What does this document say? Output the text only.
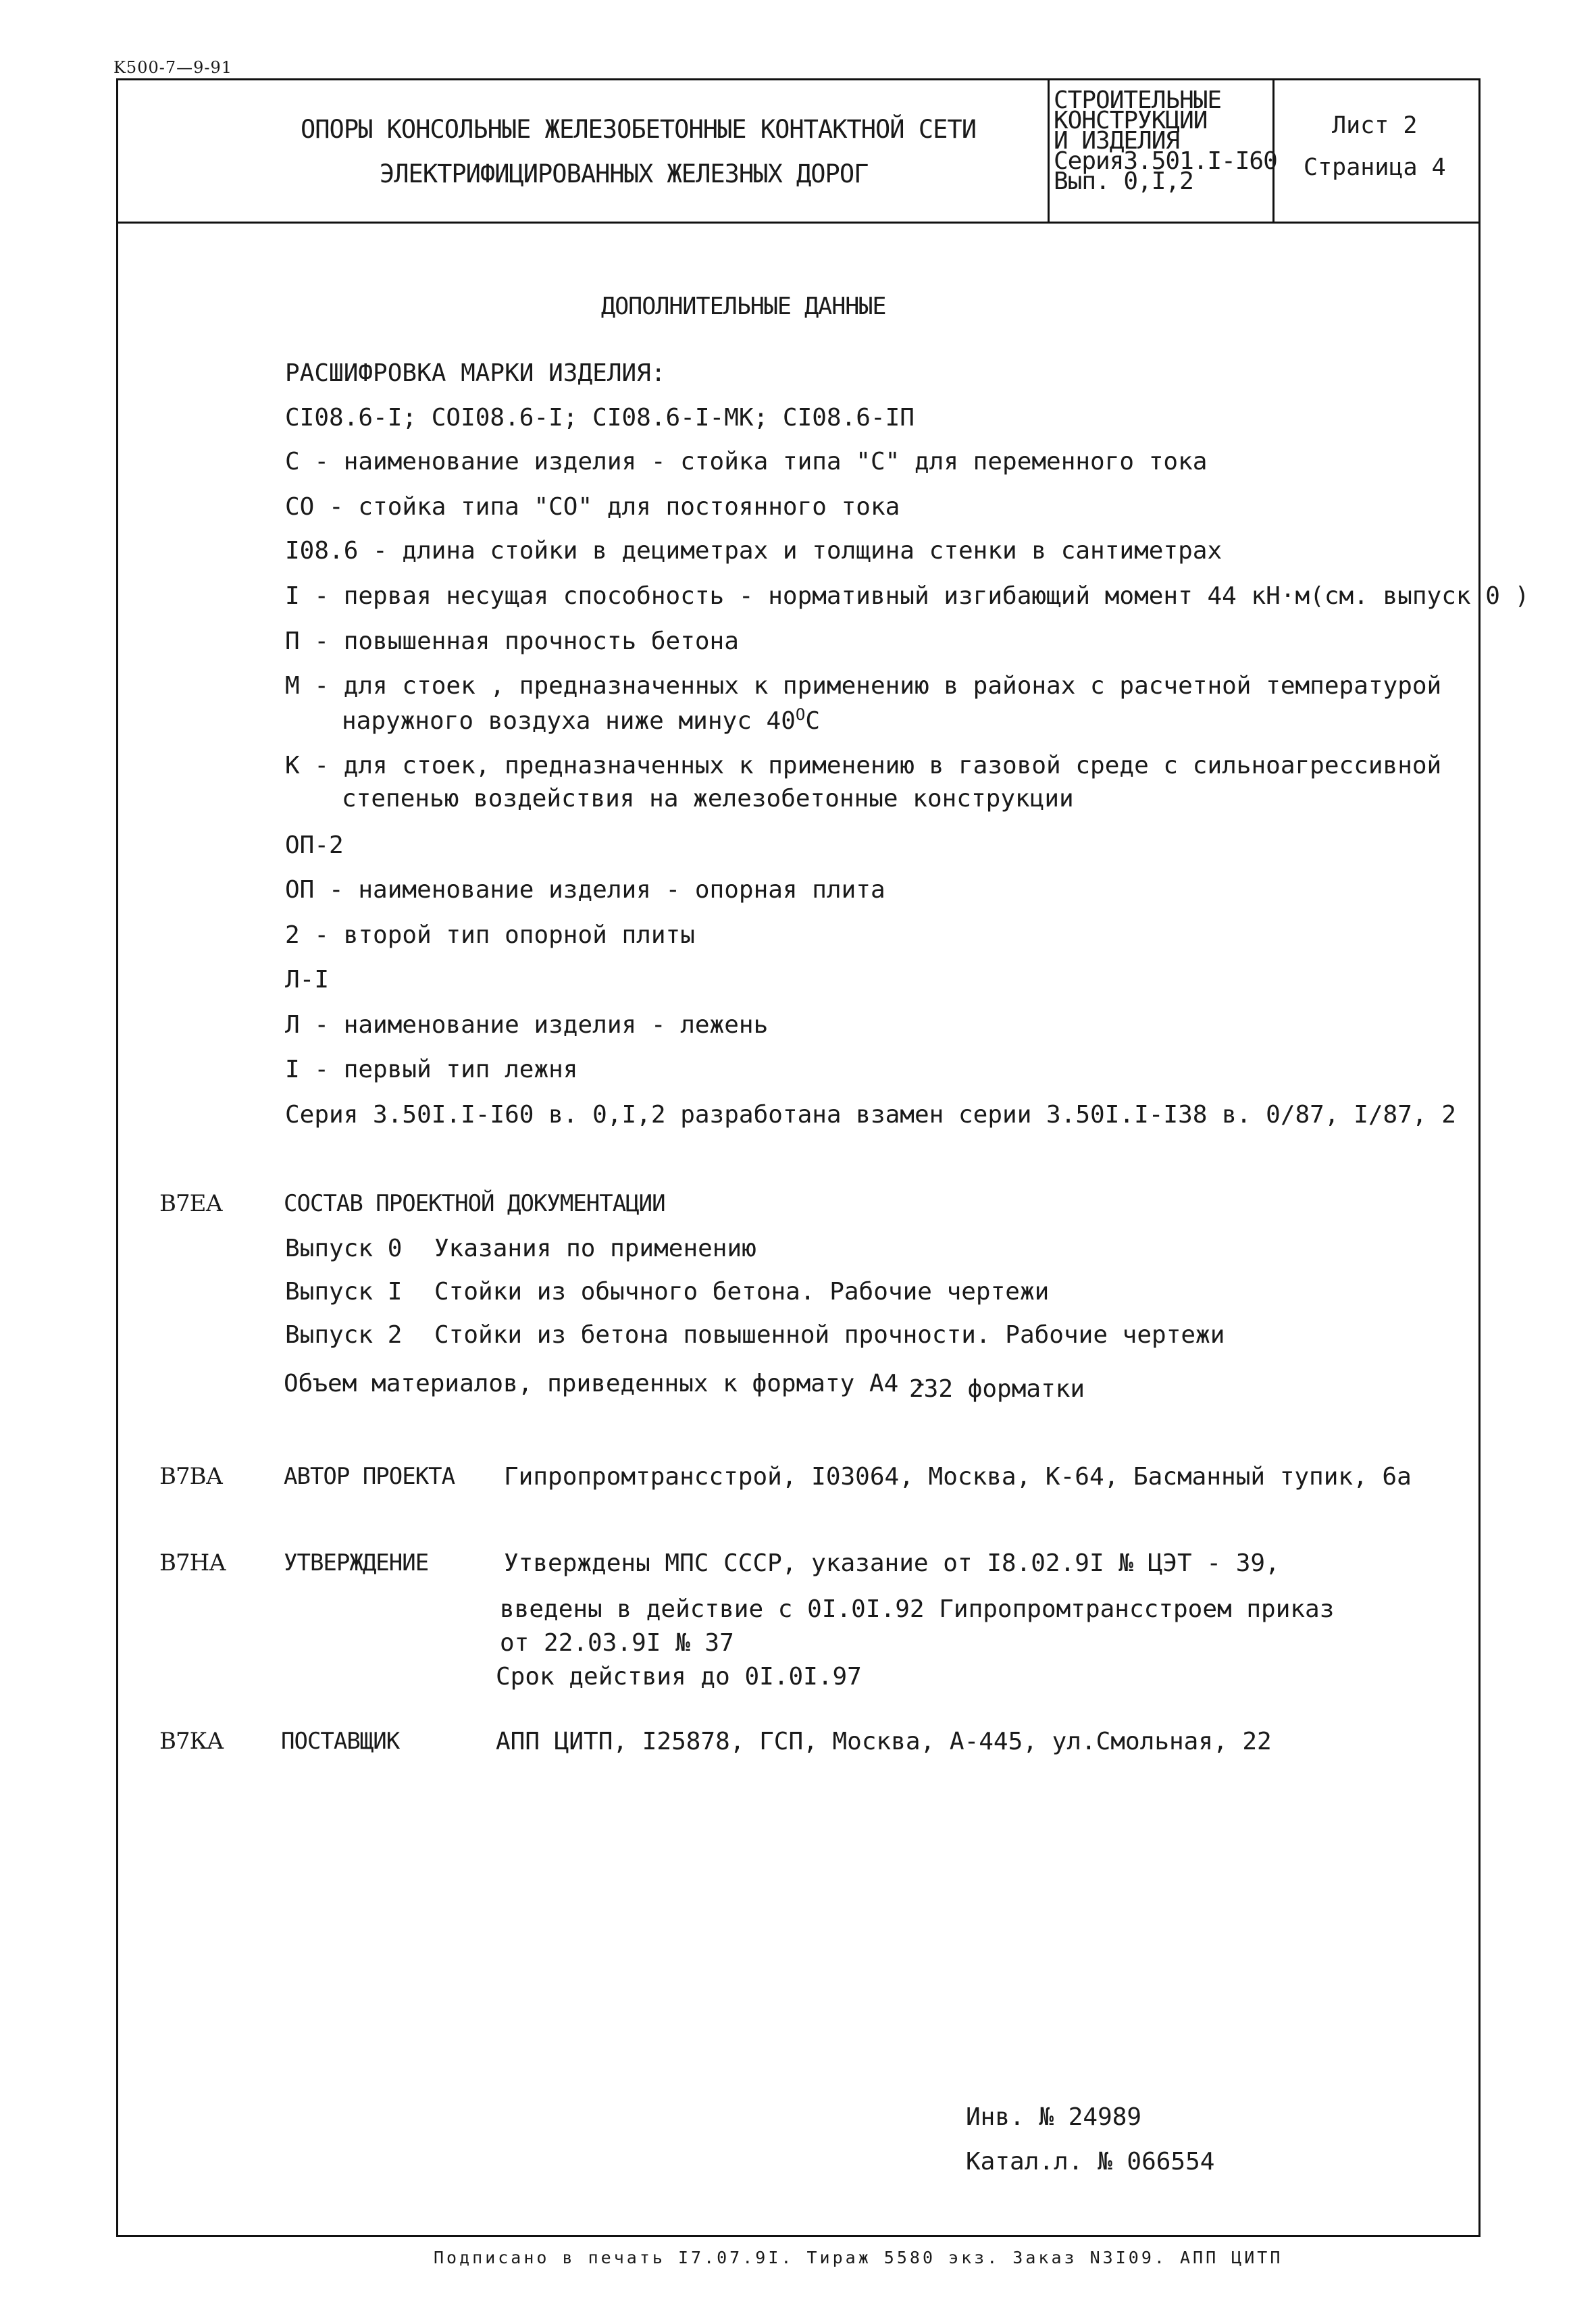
K500-7—9-91
ОПОРЫ КОНСОЛЬНЫЕ ЖЕЛЕЗОБЕТОННЫЕ КОНТАКТНОЙ СЕТИ
ЭЛЕКТРИФИЦИРОВАННЫХ ЖЕЛЕЗНЫХ ДОРОГ
СТРОИТЕЛЬНЫЕ
КОНСТРУКЦИИ
И ИЗДЕЛИЯ
Серия3.501.I-I60
Вып. 0,I,2
Лист 2
Страница 4
ДОПОЛНИТЕЛЬНЫЕ ДАННЫЕ
РАСШИФРОВКА МАРКИ ИЗДЕЛИЯ:
CI08.6-I; COI08.6-I; CI08.6-I-МК; CI08.6-IП
С - наименование изделия - стойка типа "С" для переменного тока
СО - стойка типа "СО" для постоянного тока
I08.6 - длина стойки в дециметрах и толщина стенки в сантиметрах
I - первая несущая способность - нормативный изгибающий момент 44 кН·м(см. выпуск 0 )
П - повышенная прочность бетона
М - для стоек , предназначенных к применению в районах с расчетной температурой
наружного воздуха ниже минус $40^OС$
К - для стоек, предназначенных к применению в газовой среде с сильноагрессивной
степенью воздействия на железобетонные конструкции
ОП-2
ОП - наименование изделия - опорная плита
2 - второй тип опорной плиты
Л-I
Л - наименование изделия - лежень
I - первый тип лежня
Серия 3.50I.I-I60 в. 0,I,2 разработана взамен серии 3.50I.I-I38 в. 0/87, I/87, 2
В7ЕА	СОСТАВ ПРОЕКТНОЙ ДОКУМЕНТАЦИИ
Выпуск 0 Указания по применению
Выпуск I Стойки из обычного бетона. Рабочие чертежи
Выпуск 2 Стойки из бетона повышенной прочности. Рабочие чертежи
Объем материалов, приведенных к формату А4 -
232 форматки
В7ВА	АВТОР ПРОЕКТА Гипропромтрансстрой, I03064, Москва, К-64, Басманный тупик, 6а
В7НА	УТВЕРЖДЕНИЕ	Утверждены МПС СССР, указание от I8.02.9I № ЦЭТ - 39,
введены в действие с 0I.0I.92 Гипропромтрансстроем приказ
от 22.03.9I № 37
Срок действия до 0I.0I.97
В7КА	ПОСТАВЩИК	АПП ЦИТП, I25878, ГСП, Москва, А-445, ул.Смольная, 22
Инв. № 24989
Катал.л. № 066554
Подписано в печать I7.07.9I. Тираж 5580 экз. Заказ N3I09. АПП ЦИТП
